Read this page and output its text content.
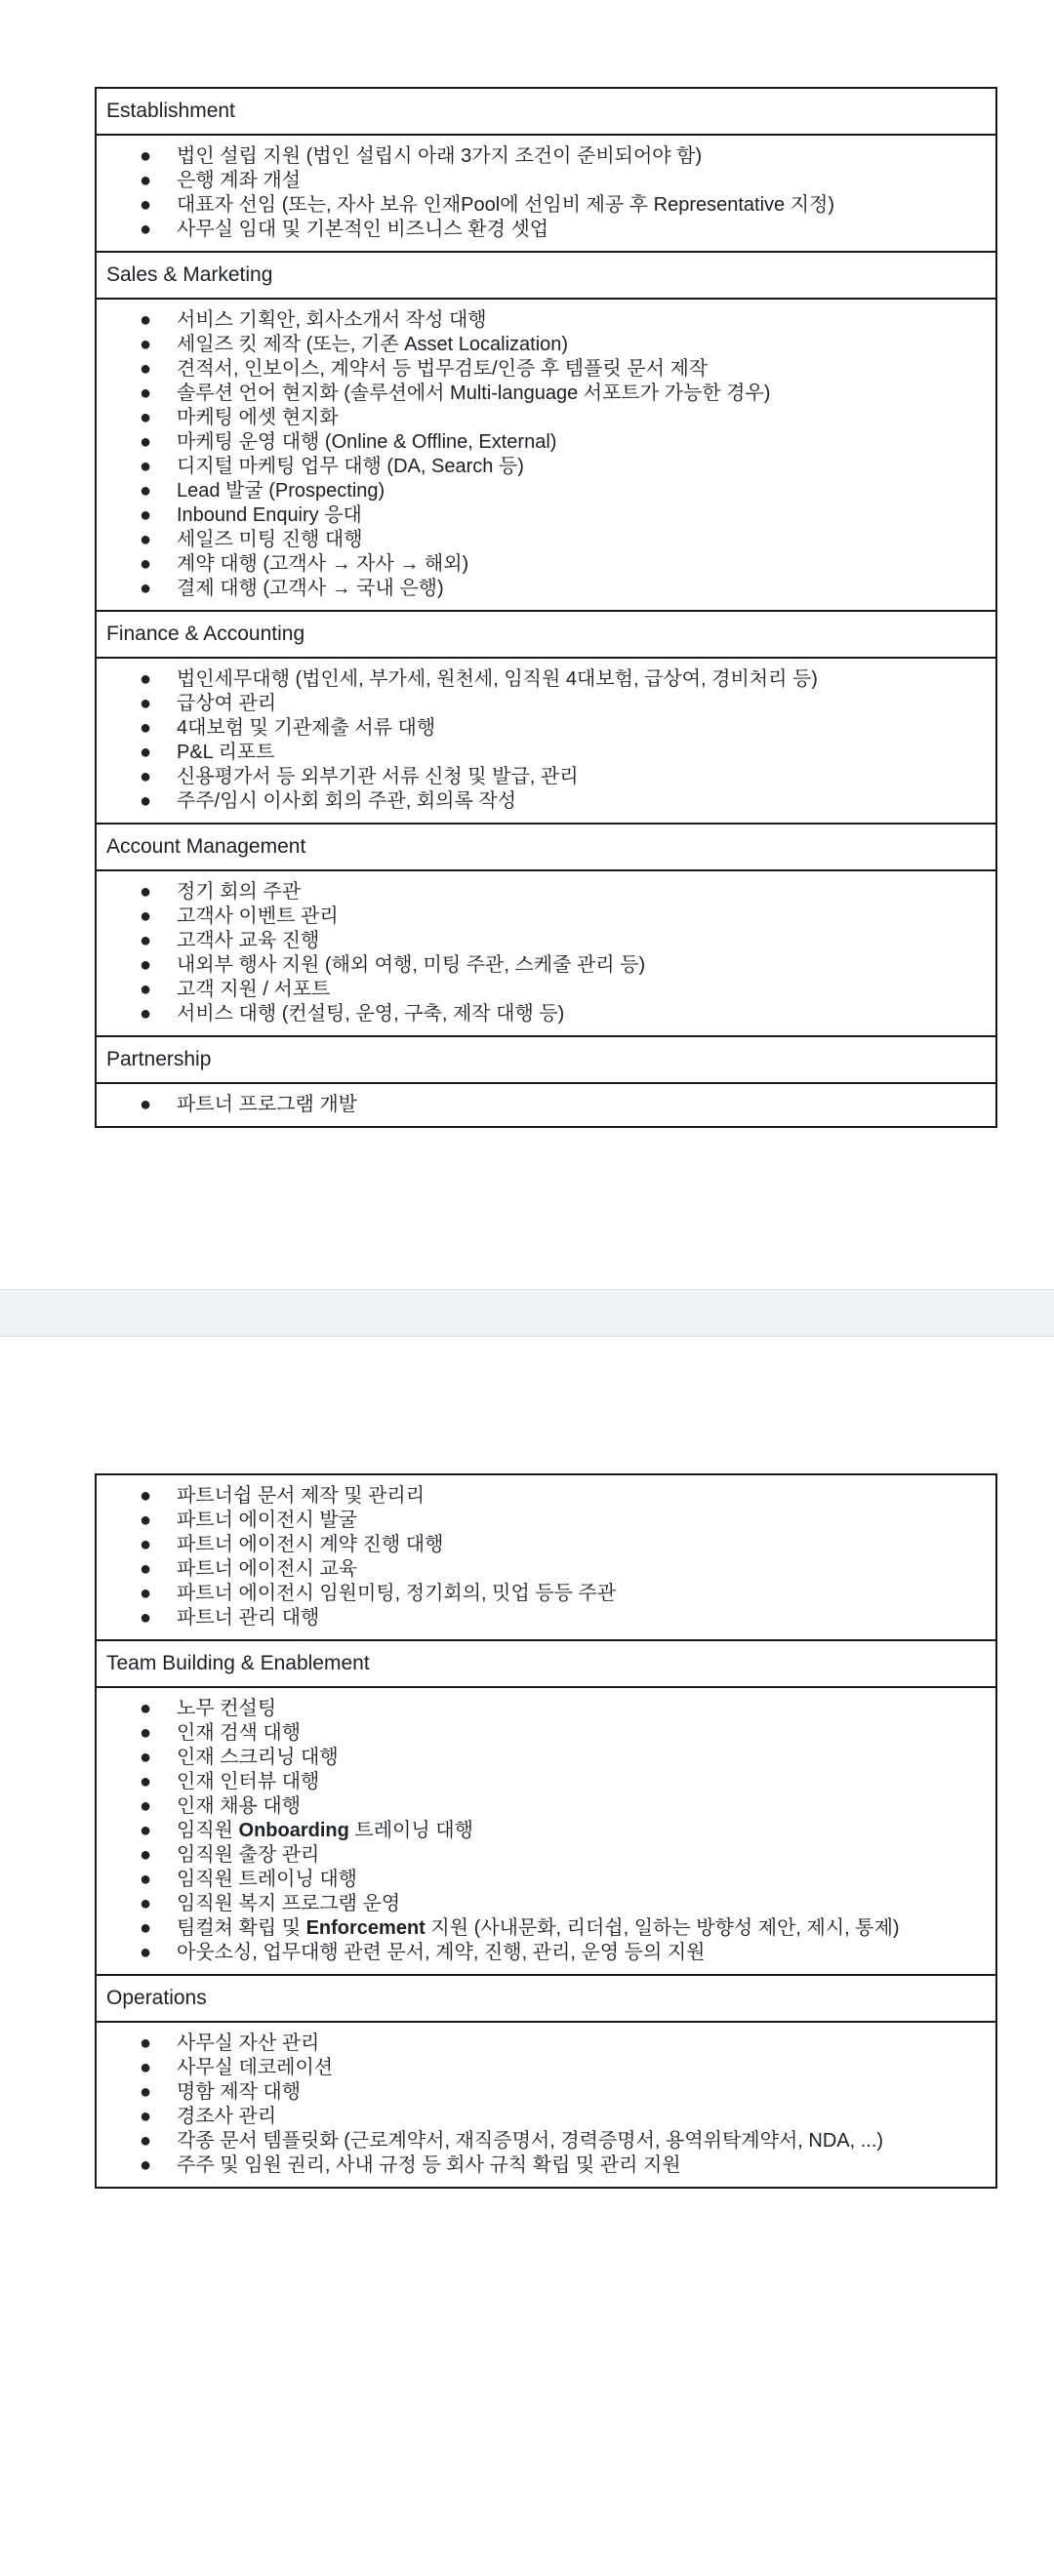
Establishment
● 법인 설립 지원 (법인 설립시 아래 3가지 조건이 준비되어야 함)
● 은행 계좌 개설
● 대표자 선임 (또는, 자사 보유 인재Pool에 선임비 제공 후 Representative 지정)
● 사무실 임대 및 기본적인 비즈니스 환경 셋업
Sales & Marketing
● 서비스 기획안, 회사소개서 작성 대행
● 세일즈 킷 제작 (또는, 기존 Asset Localization)
● 견적서, 인보이스, 계약서 등 법무검토/인증 후 템플릿 문서 제작
● 솔루션 언어 현지화 (솔루션에서 Multi-language 서포트가 가능한 경우)
● 마케팅 에셋 현지화
● 마케팅 운영 대행 (Online & Offline, External)
● 디지털 마케팅 업무 대행 (DA, Search 등)
● Lead 발굴 (Prospecting)
● Inbound Enquiry 응대
● 세일즈 미팅 진행 대행
● 계약 대행 (고객사 → 자사 → 해외)
● 결제 대행 (고객사 → 국내 은행)
Finance & Accounting
● 법인세무대행 (법인세, 부가세, 원천세, 임직원 4대보험, 급상여, 경비처리 등)
● 급상여 관리
● 4대보험 및 기관제출 서류 대행
● P&L 리포트
● 신용평가서 등 외부기관 서류 신청 및 발급, 관리
● 주주/임시 이사회 회의 주관, 회의록 작성
Account Management
● 정기 회의 주관
● 고객사 이벤트 관리
● 고객사 교육 진행
● 내외부 행사 지원 (해외 여행, 미팅 주관, 스케줄 관리 등)
● 고객 지원 / 서포트
● 서비스 대행 (컨설팅, 운영, 구축, 제작 대행 등)
Partnership
● 파트너 프로그램 개발
● 파트너쉽 문서 제작 및 관리리
● 파트너 에이전시 발굴
● 파트너 에이전시 계약 진행 대행
● 파트너 에이전시 교육
● 파트너 에이전시 임원미팅, 정기회의, 밋업 등등 주관
● 파트너 관리 대행
Team Building & Enablement
● 노무 컨설팅
● 인재 검색 대행
● 인재 스크리닝 대행
● 인재 인터뷰 대행
● 인재 채용 대행
● 임직원 Onboarding 트레이닝 대행
● 임직원 출장 관리
● 임직원 트레이닝 대행
● 임직원 복지 프로그램 운영
● 팀컬쳐 확립 및 Enforcement 지원 (사내문화, 리더쉽, 일하는 방향성 제안, 제시, 통제)
● 아웃소싱, 업무대행 관련 문서, 계약, 진행, 관리, 운영 등의 지원
Operations
● 사무실 자산 관리
● 사무실 데코레이션
● 명함 제작 대행
● 경조사 관리
● 각종 문서 템플릿화 (근로계약서, 재직증명서, 경력증명서, 용역위탁계약서, NDA, ...)
● 주주 및 임원 권리, 사내 규정 등 회사 규칙 확립 및 관리 지원
